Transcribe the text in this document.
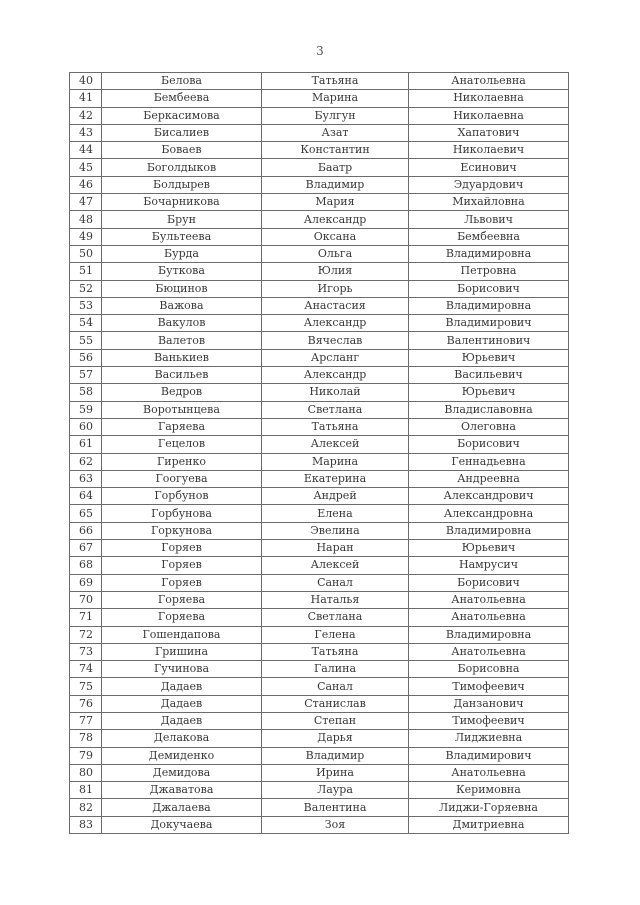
3
40	Белова	Татьяна	Анатольевна
41	Бембеева	Марина	Николаевна
42	Беркасимова	Булгун	Николаевна
43	Бисалиев	Азат	Хапатович
44	Боваев	Константин	Николаевич
45	Боголдыков	Баатр	Есинович
46	Болдырев	Владимир	Эдуардович
47	Бочарникова	Мария	Михайловна
48	Брун	Александр	Львович
49	Бультеева	Оксана	Бембеевна
50	Бурда	Ольга	Владимировна
51	Буткова	Юлия	Петровна
52	Бюцинов	Игорь	Борисович
53	Важова	Анастасия	Владимировна
54	Вакулов	Александр	Владимирович
55	Валетов	Вячеслав	Валентинович
56	Ванькиев	Арсланг	Юрьевич
57	Васильев	Александр	Васильевич
58	Ведров	Николай	Юрьевич
59	Воротынцева	Светлана	Владиславовна
60	Гаряева	Татьяна	Олеговна
61	Гецелов	Алексей	Борисович
62	Гиренко	Марина	Геннадьевна
63	Гоогуева	Екатерина	Андреевна
64	Горбунов	Андрей	Александрович
65	Горбунова	Елена	Александровна
66	Горкунова	Эвелина	Владимировна
67	Горяев	Наран	Юрьевич
68	Горяев	Алексей	Намрусич
69	Горяев	Санал	Борисович
70	Горяева	Наталья	Анатольевна
71	Горяева	Светлана	Анатольевна
72	Гошендапова	Гелена	Владимировна
73	Гришина	Татьяна	Анатольевна
74	Гучинова	Галина	Борисовна
75	Дадаев	Санал	Тимофеевич
76	Дадаев	Станислав	Данзанович
77	Дадаев	Степан	Тимофеевич
78	Делакова	Дарья	Лиджиевна
79	Демиденко	Владимир	Владимирович
80	Демидова	Ирина	Анатольевна
81	Джаватова	Лаура	Керимовна
82	Джалаева	Валентина	Лиджи-Горяевна
83	Докучаева	Зоя	Дмитриевна
